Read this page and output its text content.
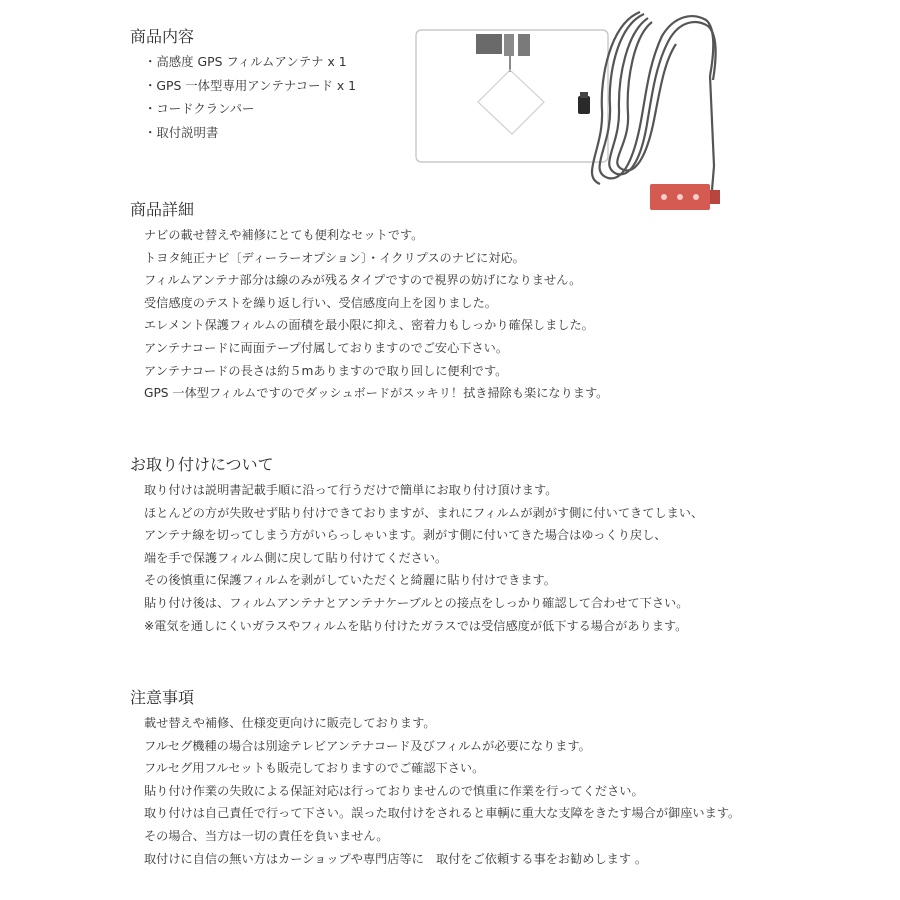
商品内容
・高感度 GPS フィルムアンテナ x 1
・GPS 一体型専用アンテナコード x 1
・コードクランパー
・取付説明書
商品詳細
ナビの載せ替えや補修にとても便利なセットです。
トヨタ純正ナビ〔ディーラーオプション〕・イクリプスのナビに対応。
フィルムアンテナ部分は線のみが残るタイプですので視界の妨げになりません。
受信感度のテストを繰り返し行い、受信感度向上を図りました。
エレメント保護フィルムの面積を最小限に抑え、密着力もしっかり確保しました。
アンテナコードに両面テープ付属しておりますのでご安心下さい。
アンテナコードの長さは約５mありますので取り回しに便利です。
GPS 一体型フィルムですのでダッシュボードがスッキリ！拭き掃除も楽になります。
お取り付けについて
取り付けは説明書記載手順に沿って行うだけで簡単にお取り付け頂けます。
ほとんどの方が失敗せず貼り付けできておりますが、まれにフィルムが剥がす側に付いてきてしまい、
アンテナ線を切ってしまう方がいらっしゃいます。剥がす側に付いてきた場合はゆっくり戻し、
端を手で保護フィルム側に戻して貼り付けてください。
その後慎重に保護フィルムを剥がしていただくと綺麗に貼り付けできます。
貼り付け後は、フィルムアンテナとアンテナケーブルとの接点をしっかり確認して合わせて下さい。
※電気を通しにくいガラスやフィルムを貼り付けたガラスでは受信感度が低下する場合があります。
注意事項
載せ替えや補修、仕様変更向けに販売しております。
フルセグ機種の場合は別途テレビアンテナコード及びフィルムが必要になります。
フルセグ用フルセットも販売しておりますのでご確認下さい。
貼り付け作業の失敗による保証対応は行っておりませんので慎重に作業を行ってください。
取り付けは自己責任で行って下さい。誤った取付けをされると車輌に重大な支障をきたす場合が御座います。
その場合、当方は一切の責任を負いません。
取付けに自信の無い方はカーショップや専門店等に　取付をご依頼する事をお勧めします 。
